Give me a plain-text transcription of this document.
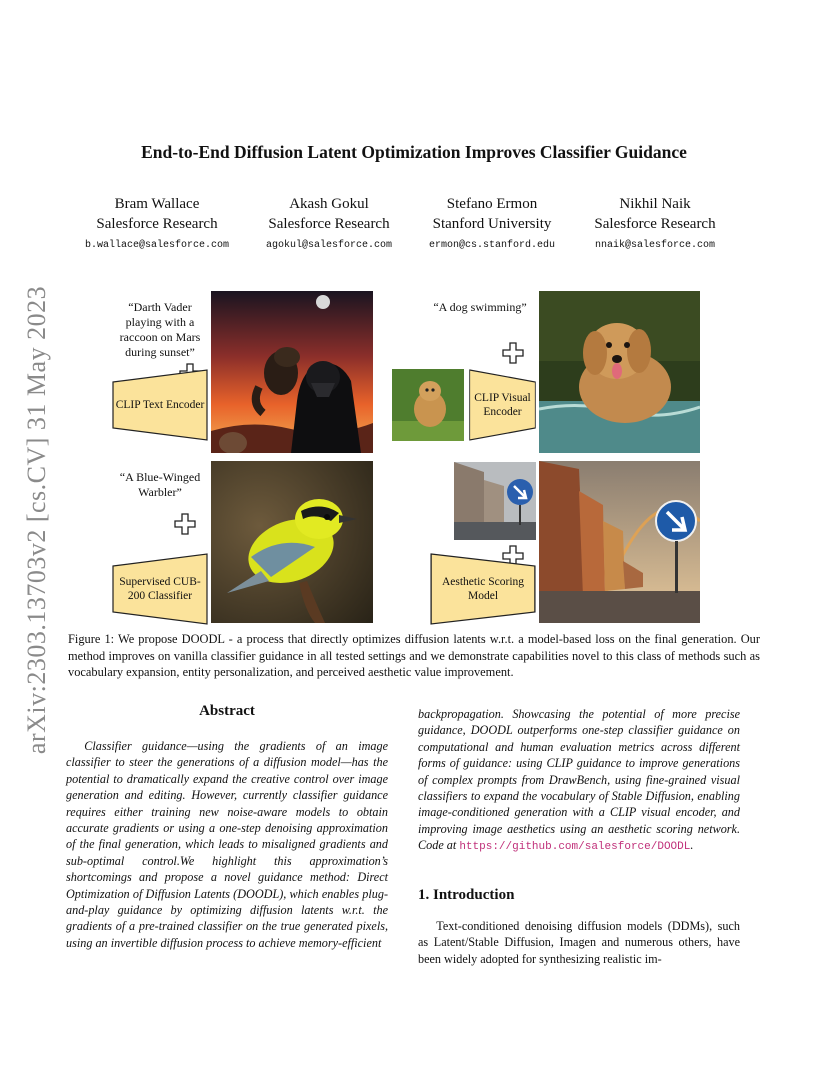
arXiv:2303.13703v2 [cs.CV] 31 May 2023
End-to-End Diffusion Latent Optimization Improves Classifier Guidance
Bram Wallace
Salesforce Research
b.wallace@salesforce.com
Akash Gokul
Salesforce Research
agokul@salesforce.com
Stefano Ermon
Stanford University
ermon@cs.stanford.edu
Nikhil Naik
Salesforce Research
nnaik@salesforce.com
“Darth Vader playing with a raccoon on Mars during sunset”
CLIP Text Encoder
“A dog swimming”
CLIP Visual Encoder
“A Blue-Winged Warbler”
Supervised CUB-200 Classifier
Aesthetic Scoring Model
Figure 1: We propose DOODL - a process that directly optimizes diffusion latents w.r.t. a model-based loss on the final generation. Our method improves on vanilla classifier guidance in all tested settings and we demonstrate capabilities novel to this class of methods such as vocabulary expansion, entity personalization, and perceived aesthetic value improvement.
Abstract
Classifier guidance—using the gradients of an image classifier to steer the generations of a diffusion model—has the potential to dramatically expand the creative control over image generation and editing. However, currently classifier guidance requires either training new noise-aware models to obtain accurate gradients or using a one-step denoising approximation of the final generation, which leads to misaligned gradients and sub-optimal control.We highlight this approximation’s shortcomings and propose a novel guidance method: Direct Optimization of Diffusion Latents (DOODL), which enables plug-and-play guidance by optimizing diffusion latents w.r.t. the gradients of a pre-trained classifier on the true generated pixels, using an invertible diffusion process to achieve memory-efficient
backpropagation. Showcasing the potential of more precise guidance, DOODL outperforms one-step classifier guidance on computational and human evaluation metrics across different forms of guidance: using CLIP guidance to improve generations of complex prompts from DrawBench, using fine-grained visual classifiers to expand the vocabulary of Stable Diffusion, enabling image-conditioned generation with a CLIP visual encoder, and improving image aesthetics using an aesthetic scoring network. Code at https://github.com/salesforce/DOODL.
1. Introduction
Text-conditioned denoising diffusion models (DDMs), such as Latent/Stable Diffusion, Imagen and numerous others, have been widely adopted for synthesizing realistic im-
